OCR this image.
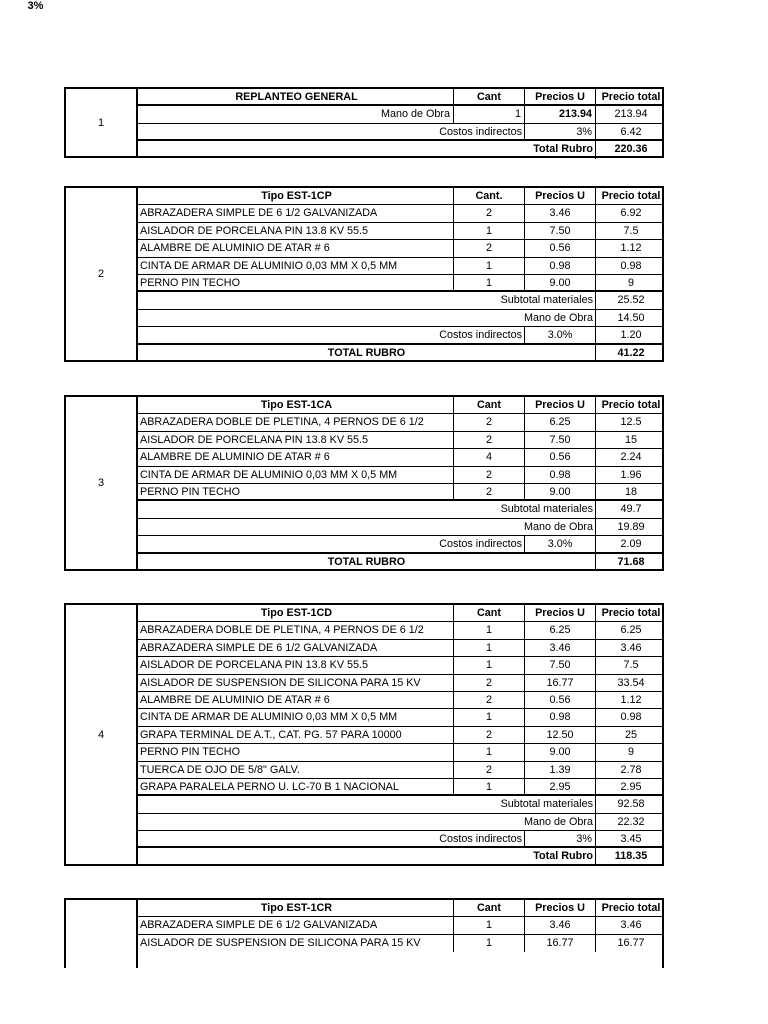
3%
1
REPLANTEO GENERAL	Cant	Precios U	Precio total
Mano de Obra	1	213.94	213.94
Costos indirectos	3%	6.42
Total Rubro	220.36
2
Tipo EST-1CP	Cant.	Precios U	Precio total
ABRAZADERA SIMPLE DE 6 1/2 GALVANIZADA	2	3.46	6.92
AISLADOR DE PORCELANA PIN 13.8 KV 55.5	1	7.50	7.5
ALAMBRE DE ALUMINIO DE ATAR # 6	2	0.56	1.12
CINTA DE ARMAR DE ALUMINIO 0,03 MM X 0,5 MM	1	0.98	0.98
PERNO PIN TECHO	1	9.00	9
Subtotal materiales	25.52
Mano de Obra	14.50
Costos indirectos	3.0%	1.20
TOTAL RUBRO	41.22
3
Tipo EST-1CA	Cant	Precios U	Precio total
ABRAZADERA DOBLE DE PLETINA, 4 PERNOS DE 6 1/2	2	6.25	12.5
AISLADOR DE PORCELANA PIN 13.8 KV 55.5	2	7.50	15
ALAMBRE DE ALUMINIO DE ATAR # 6	4	0.56	2.24
CINTA DE ARMAR DE ALUMINIO 0,03 MM X 0,5 MM	2	0.98	1.96
PERNO PIN TECHO	2	9.00	18
Subtotal materiales	49.7
Mano de Obra	19.89
Costos indirectos	3.0%	2.09
TOTAL RUBRO	71.68
4
Tipo EST-1CD	Cant	Precios U	Precio total
ABRAZADERA DOBLE DE PLETINA, 4 PERNOS DE 6 1/2	1	6.25	6.25
ABRAZADERA SIMPLE DE 6 1/2 GALVANIZADA	1	3.46	3.46
AISLADOR DE PORCELANA PIN 13.8 KV 55.5	1	7.50	7.5
AISLADOR DE SUSPENSION DE SILICONA PARA 15 KV	2	16.77	33.54
ALAMBRE DE ALUMINIO DE ATAR # 6	2	0.56	1.12
CINTA DE ARMAR DE ALUMINIO 0,03 MM X 0,5 MM	1	0.98	0.98
GRAPA TERMINAL DE A.T., CAT. PG. 57 PARA 10000	2	12.50	25
PERNO PIN TECHO	1	9.00	9
TUERCA DE OJO DE 5/8" GALV.	2	1.39	2.78
GRAPA PARALELA PERNO U. LC-70 B 1 NACIONAL	1	2.95	2.95
Subtotal materiales	92.58
Mano de Obra	22.32
Costos indirectos	3%	3.45
Total Rubro	118.35
Tipo EST-1CR	Cant	Precios U	Precio total
ABRAZADERA SIMPLE DE 6 1/2 GALVANIZADA	1	3.46	3.46
AISLADOR DE SUSPENSION DE SILICONA PARA 15 KV	1	16.77	16.77
